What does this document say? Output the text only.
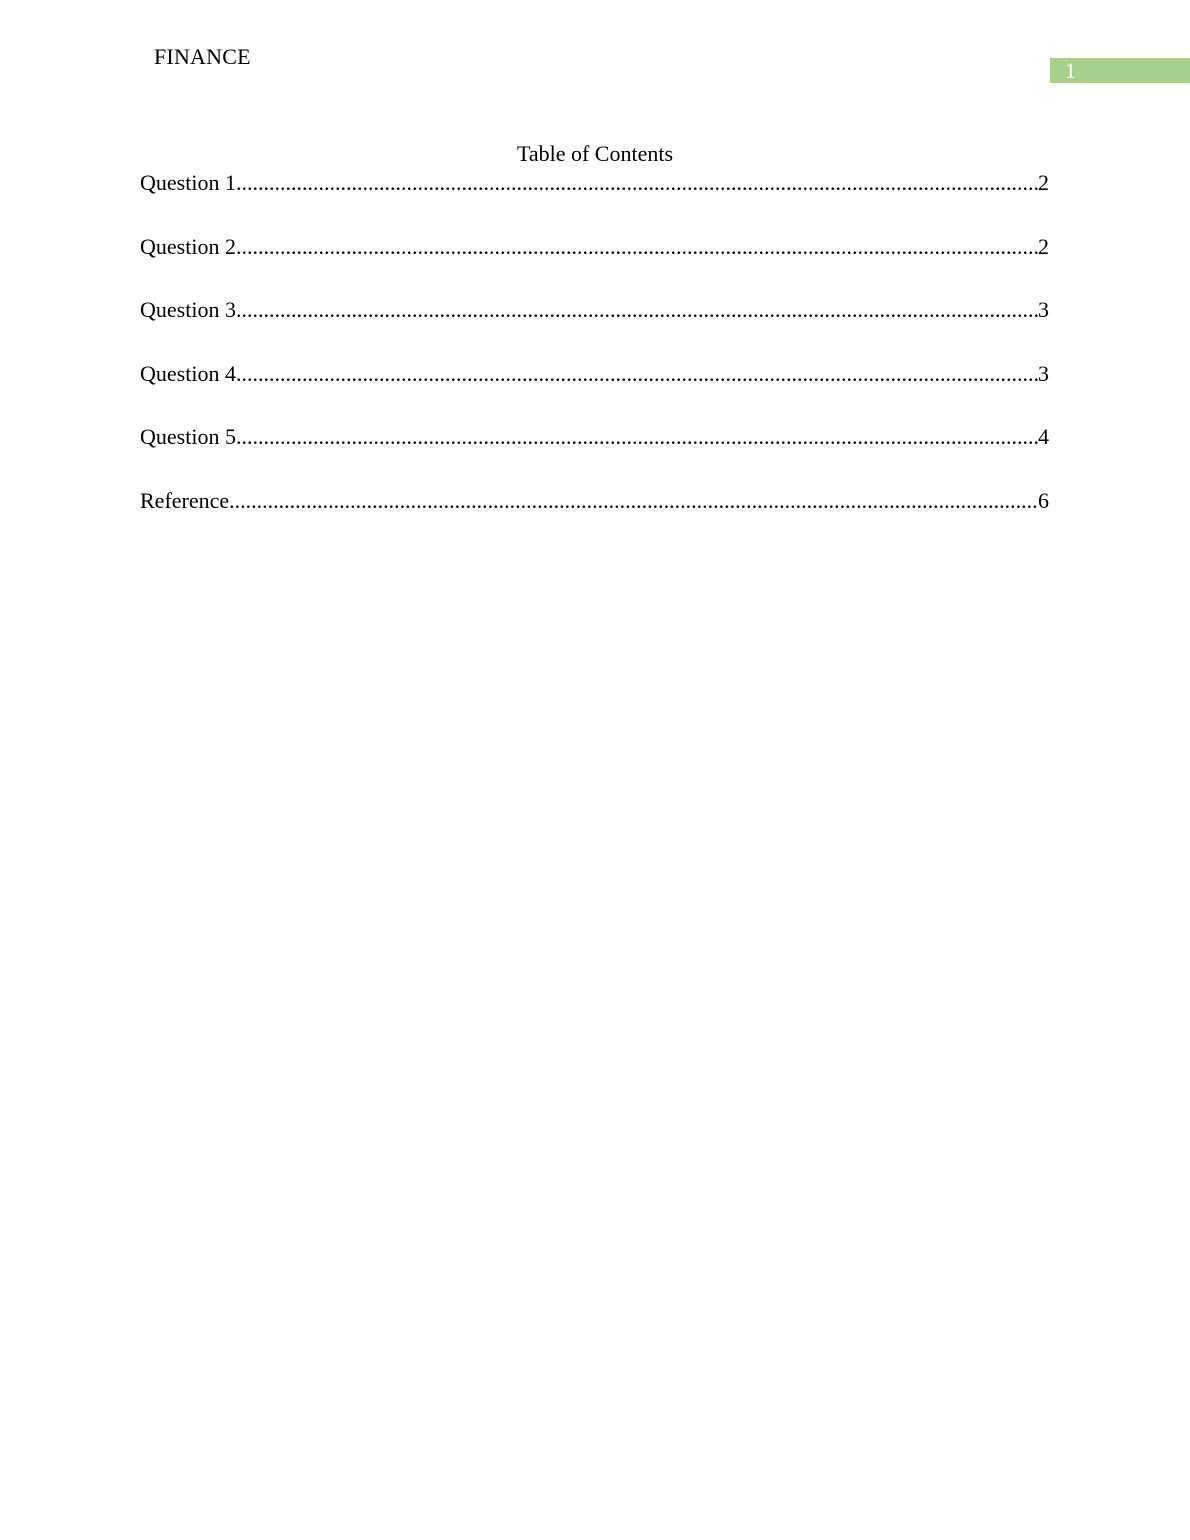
FINANCE
1
Table of Contents
Question 1 .....	2
Question 2 .....	2
Question 3 .....	3
Question 4 .....	3
Question 5 .....	4
Reference .....	6
